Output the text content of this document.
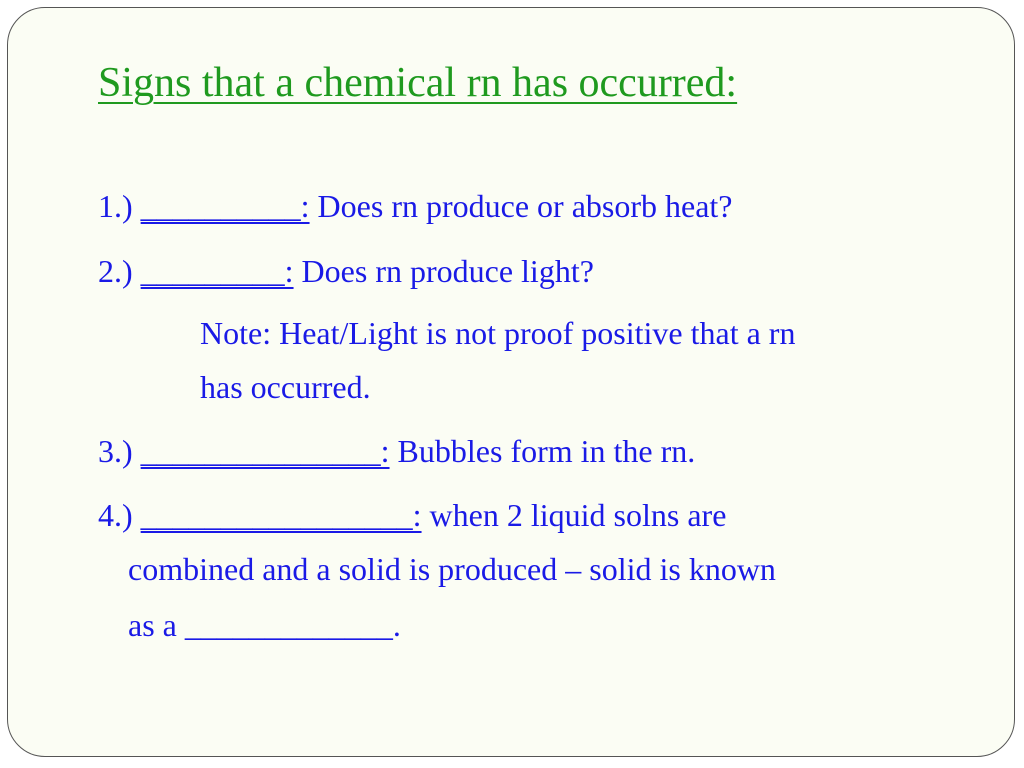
Signs that a chemical rn has occurred:
1.) __________: Does rn produce or absorb heat?
2.) _________: Does rn produce light?
Note: Heat/Light is not proof positive that a rn
has occurred.
3.) _______________: Bubbles form in the rn.
4.) _________________: when 2 liquid solns are
combined and a solid is produced – solid is known
as a _____________.
